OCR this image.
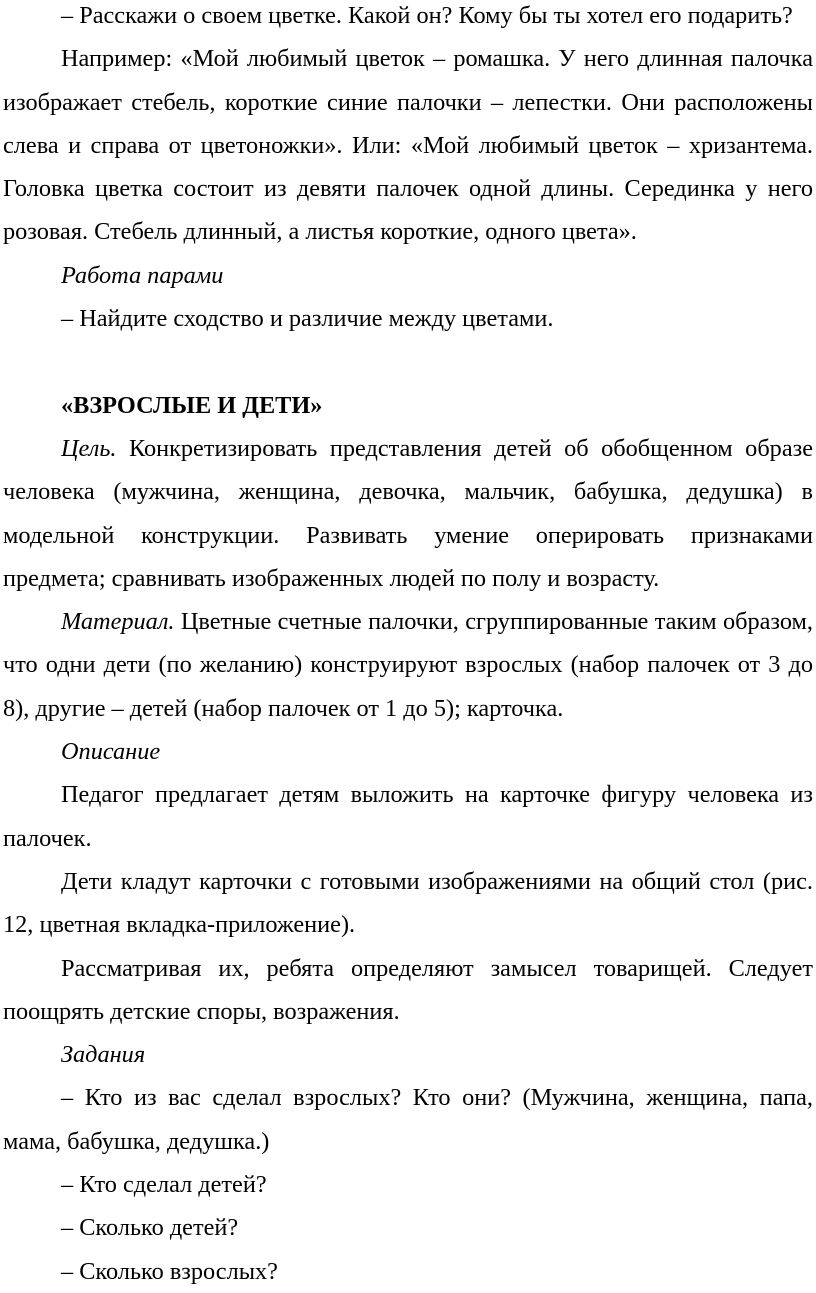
– Расскажи о своем цветке. Какой он? Кому бы ты хотел его подарить?

Например: «Мой любимый цветок – ромашка. У него длинная палочка изображает стебель, короткие синие палочки – лепестки. Они расположены слева и справа от цветоножки». Или: «Мой любимый цветок – хризантема. Головка цветка состоит из девяти палочек одной длины. Серединка у него розовая. Стебель длинный, а листья короткие, одного цвета».

Работа парами

– Найдите сходство и различие между цветами.

«ВЗРОСЛЫЕ И ДЕТИ»

Цель. Конкретизировать представления детей об обобщенном образе человека (мужчина, женщина, девочка, мальчик, бабушка, дедушка) в модельной конструкции. Развивать умение оперировать признаками предмета; сравнивать изображенных людей по полу и возрасту.

Материал. Цветные счетные палочки, сгруппированные таким образом, что одни дети (по желанию) конструируют взрослых (набор палочек от 3 до 8), другие – детей (набор палочек от 1 до 5); карточка.

Описание

Педагог предлагает детям выложить на карточке фигуру человека из палочек.

Дети кладут карточки с готовыми изображениями на общий стол (рис. 12, цветная вкладка-приложение).

Рассматривая их, ребята определяют замысел товарищей. Следует поощрять детские споры, возражения.

Задания

– Кто из вас сделал взрослых? Кто они? (Мужчина, женщина, папа, мама, бабушка, дедушка.)

– Кто сделал детей?

– Сколько детей?

– Сколько взрослых?
